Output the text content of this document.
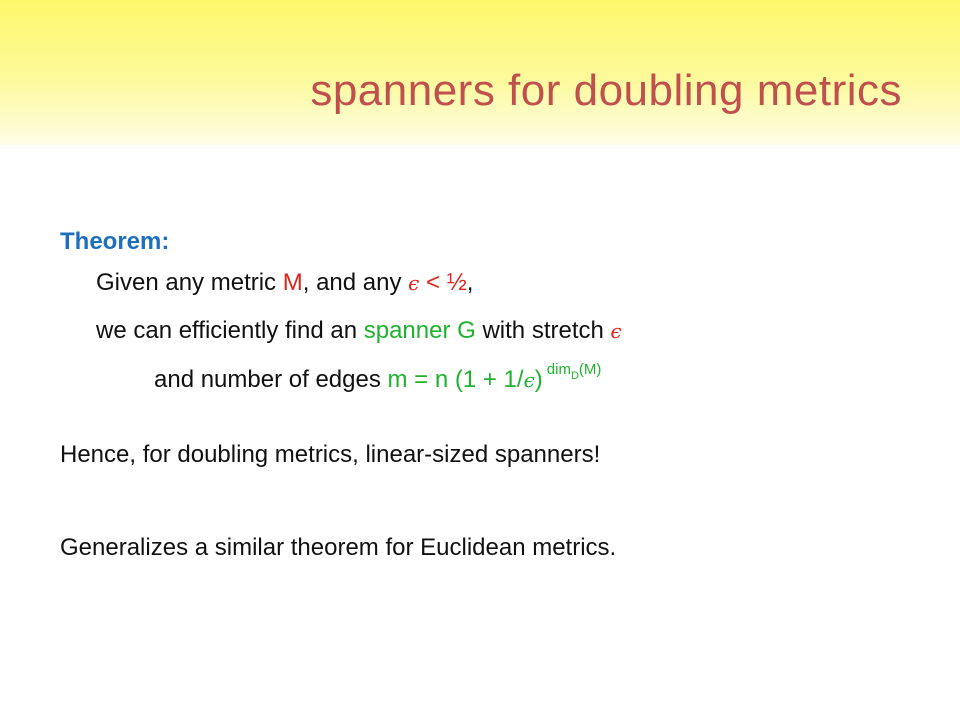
spanners for doubling metrics
Theorem:
Given any metric M, and any ϵ < ½,
we can efficiently find an spanner G with stretch ϵ
and number of edges m = n (1 + 1/ϵ) dimD(M)
Hence, for doubling metrics, linear-sized spanners!
Generalizes a similar theorem for Euclidean metrics.
